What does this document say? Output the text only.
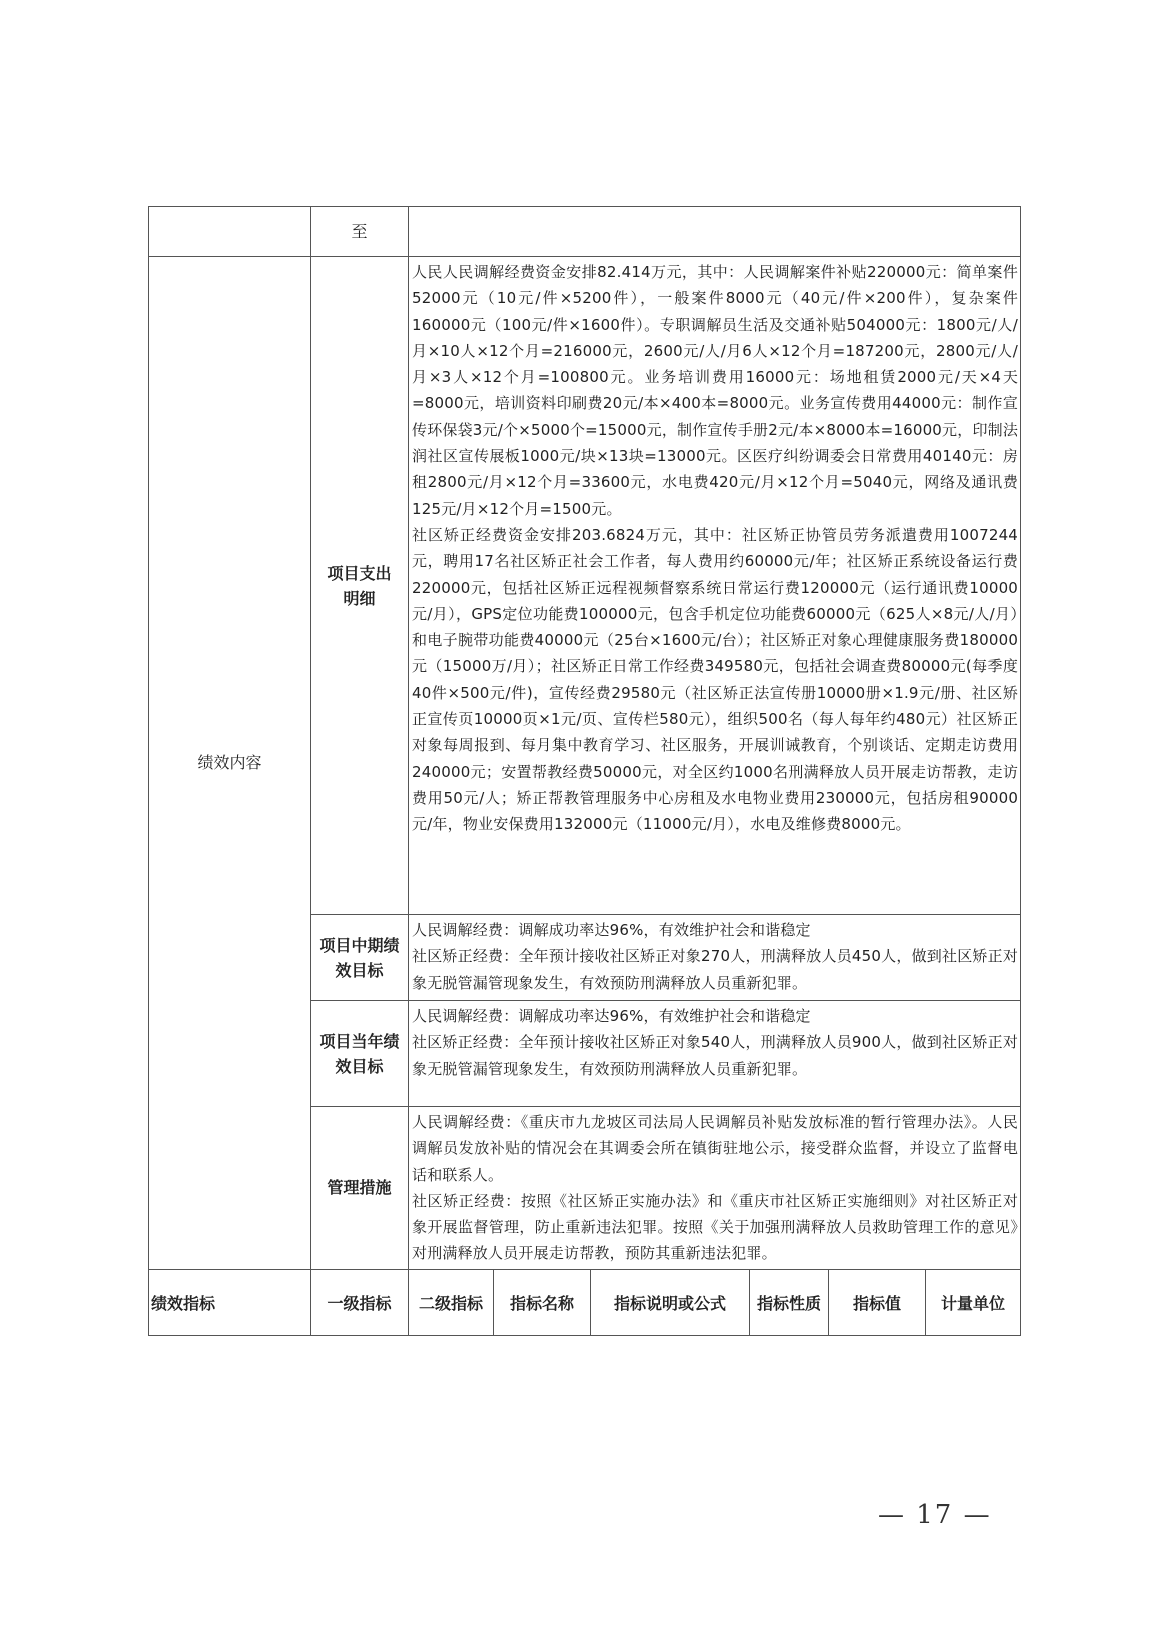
	至						
绩效内容	项目支出明细	人民人民调解经费资金安排82.414万元，其中：人民调解案件补贴220000元：简单案件52000元（10元/件×5200件），一般案件8000元（40元/件×200件），复杂案件160000元（100元/件×1600件）。专职调解员生活及交通补贴504000元：1800元/人/月×10人×12个月=216000元，2600元/人/月6人×12个月=187200元，2800元/人/月×3人×12个月=100800元。业务培训费用16000元：场地租赁2000元/天×4天=8000元，培训资料印刷费20元/本×400本=8000元。业务宣传费用44000元：制作宣传环保袋3元/个×5000个=15000元，制作宣传手册2元/本×8000本=16000元，印制法润社区宣传展板1000元/块×13块=13000元。区医疗纠纷调委会日常费用40140元：房租2800元/月×12个月=33600元，水电费420元/月×12个月=5040元，网络及通讯费125元/月×12个月=1500元。

社区矫正经费资金安排203.6824万元，其中：社区矫正协管员劳务派遣费用1007244元，聘用17名社区矫正社会工作者，每人费用约60000元/年；社区矫正系统设备运行费220000元，包括社区矫正远程视频督察系统日常运行费120000元（运行通讯费10000元/月），GPS定位功能费100000元，包含手机定位功能费60000元（625人×8元/人/月）和电子腕带功能费40000元（25台×1600元/台）；社区矫正对象心理健康服务费180000元（15000万/月）；社区矫正日常工作经费349580元，包括社会调查费80000元(每季度40件×500元/件)，宣传经费29580元（社区矫正法宣传册10000册×1.9元/册、社区矫正宣传页10000页×1元/页、宣传栏580元），组织500名（每人每年约480元）社区矫正对象每周报到、每月集中教育学习、社区服务，开展训诫教育，个别谈话、定期走访费用240000元；安置帮教经费50000元，对全区约1000名刑满释放人员开展走访帮教，走访费用50元/人；矫正帮教管理服务中心房租及水电物业费用230000元，包括房租90000元/年，物业安保费用132000元（11000元/月），水电及维修费8000元。					

	项目中期绩效目标	人民调解经费：调解成功率达96%，有效维护社会和谐稳定

社区矫正经费：全年预计接收社区矫正对象270人，刑满释放人员450人，做到社区矫正对象无脱管漏管现象发生，有效预防刑满释放人员重新犯罪。					

	项目当年绩效目标	人民调解经费：调解成功率达96%，有效维护社会和谐稳定

社区矫正经费：全年预计接收社区矫正对象540人，刑满释放人员900人，做到社区矫正对象无脱管漏管现象发生，有效预防刑满释放人员重新犯罪。					

	管理措施	人民调解经费：《重庆市九龙坡区司法局人民调解员补贴发放标准的暂行管理办法》。人民调解员发放补贴的情况会在其调委会所在镇街驻地公示，接受群众监督，并设立了监督电话和联系人。

社区矫正经费：按照《社区矫正实施办法》和《重庆市社区矫正实施细则》对社区矫正对象开展监督管理，防止重新违法犯罪。按照《关于加强刑满释放人员救助管理工作的意见》对刑满释放人员开展走访帮教，预防其重新违法犯罪。					

绩效指标	一级指标	二级指标	指标名称	指标说明或公式	指标性质	指标值	计量单位
— 17 —
